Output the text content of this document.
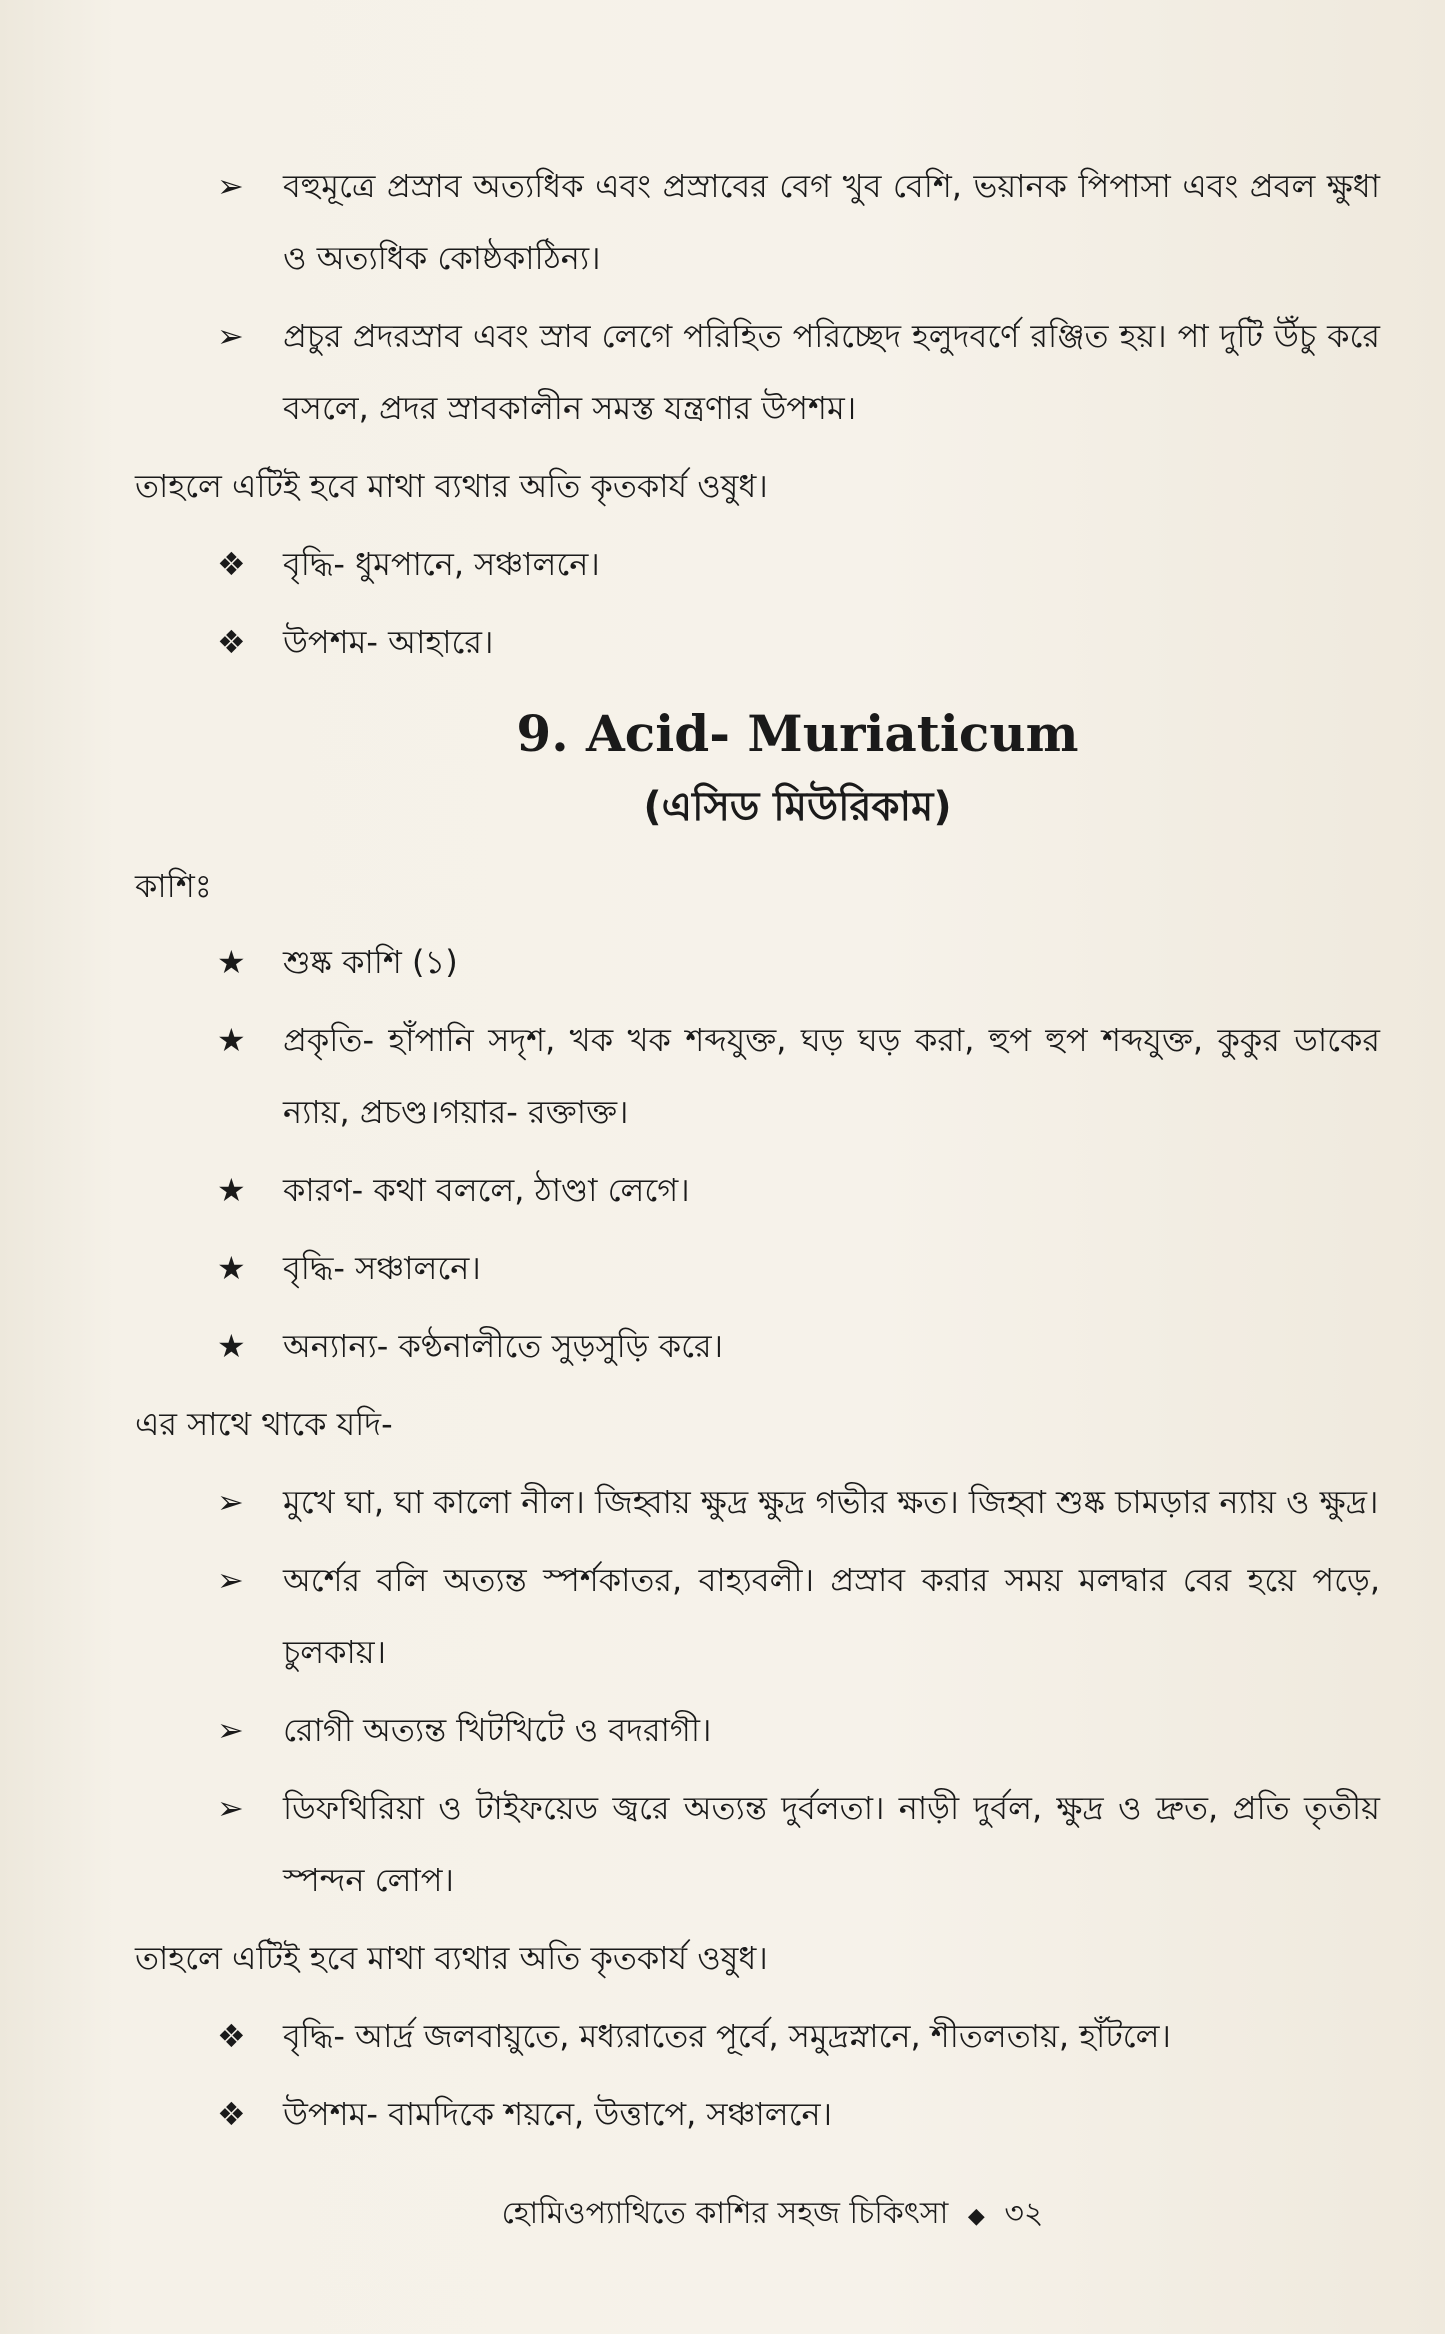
➢	বহুমূত্রে প্রস্রাব অত্যধিক এবং প্রস্রাবের বেগ খুব বেশি, ভয়ানক পিপাসা এবং প্রবল ক্ষুধা ও অত্যধিক কোষ্ঠকাঠিন্য।
➢	প্রচুর প্রদরস্রাব এবং স্রাব লেগে পরিহিত পরিচ্ছেদ হলুদবর্ণে রঞ্জিত হয়। পা দুটি উঁচু করে বসলে, প্রদর স্রাবকালীন সমস্ত যন্ত্রণার উপশম।
তাহলে এটিই হবে মাথা ব্যথার অতি কৃতকার্য ওষুধ।
❖	বৃদ্ধি- ধুমপানে, সঞ্চালনে।
❖	উপশম- আহারে।
9. Acid- Muriaticum
(এসিড মিউরিকাম)
কাশিঃ
★	শুষ্ক কাশি (১)
★	প্রকৃতি- হাঁপানি সদৃশ, খক খক শব্দযুক্ত, ঘড় ঘড় করা, হুপ হুপ শব্দযুক্ত, কুকুর ডাকের ন্যায়, প্রচণ্ড।গয়ার- রক্তাক্ত।
★	কারণ- কথা বললে, ঠাণ্ডা লেগে।
★	বৃদ্ধি- সঞ্চালনে।
★	অন্যান্য- কণ্ঠনালীতে সুড়সুড়ি করে।
এর সাথে থাকে যদি-
➢	মুখে ঘা, ঘা কালো নীল। জিহ্বায় ক্ষুদ্র ক্ষুদ্র গভীর ক্ষত। জিহ্বা শুষ্ক চামড়ার ন্যায় ও ক্ষুদ্র।
➢	অর্শের বলি অত্যন্ত স্পর্শকাতর, বাহ্যবলী। প্রস্রাব করার সময় মলদ্বার বের হয়ে পড়ে, চুলকায়।
➢	রোগী অত্যন্ত খিটখিটে ও বদরাগী।
➢	ডিফথিরিয়া ও টাইফয়েড জ্বরে অত্যন্ত দুর্বলতা। নাড়ী দুর্বল, ক্ষুদ্র ও দ্রুত, প্রতি তৃতীয় স্পন্দন লোপ।
তাহলে এটিই হবে মাথা ব্যথার অতি কৃতকার্য ওষুধ।
❖	বৃদ্ধি- আর্দ্র জলবায়ুতে, মধ্যরাতের পূর্বে, সমুদ্রস্নানে, শীতলতায়, হাঁটলে।
❖	উপশম- বামদিকে শয়নে, উত্তাপে, সঞ্চালনে।
হোমিওপ্যাথিতে কাশির সহজ চিকিৎসা ◆ ৩২
